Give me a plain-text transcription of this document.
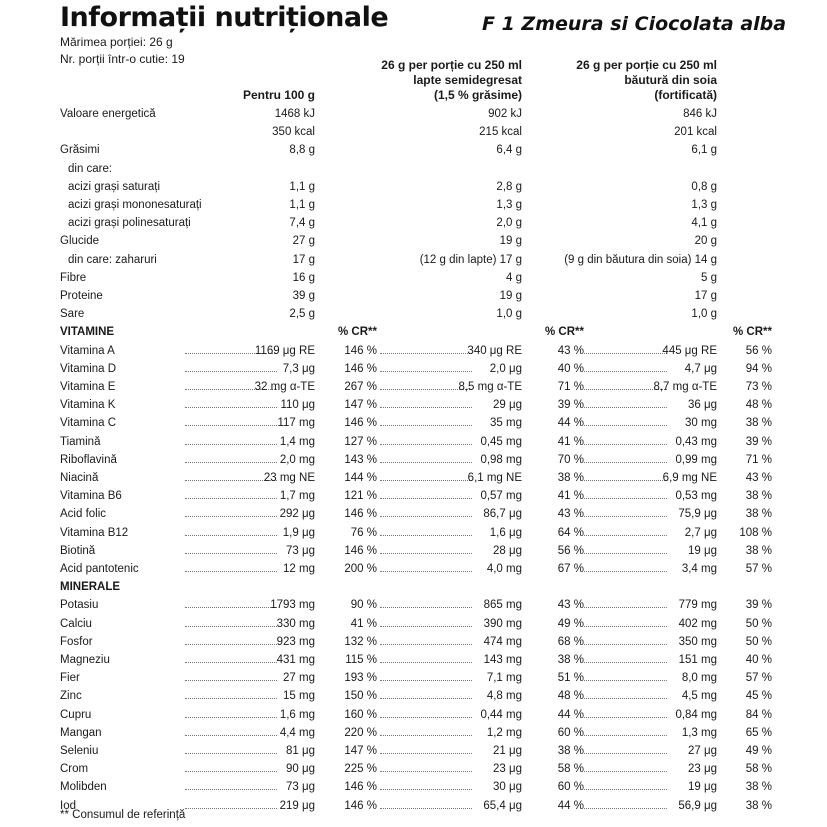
Informații nutriționale	F 1 Zmeura si Ciocolata alba
Mărimea porției: 26 g
Nr. porții într-o cutie: 19
Pentru 100 g
26 g per porție cu 250 ml
lapte semidegresat
(1,5 % grăsime)
26 g per porție cu 250 ml
băutură din soia
(fortificată)
Valoare energetică	1468 kJ	902 kJ	846 kJ
350 kcal	215 kcal	201 kcal
Grăsimi	8,8 g	6,4 g	6,1 g
din care:
acizi grași saturați	1,1 g	2,8 g	0,8 g
acizi grași mononesaturați	1,1 g	1,3 g	1,3 g
acizi grași polinesaturați	7,4 g	2,0 g	4,1 g
Glucide	27 g	19 g	20 g
din care: zaharuri	17 g	(12 g din lapte) 17 g	(9 g din băutura din soia) 14 g
Fibre	16 g	4 g	5 g
Proteine	39 g	19 g	17 g
Sare	2,5 g	1,0 g	1,0 g
VITAMINE	% CR**	% CR**	% CR**
Vitamina A	1169 μg RE	146 %	340 μg RE	43 %	445 μg RE	56 %
Vitamina D	7,3 μg	146 %	2,0 μg	40 %	4,7 μg	94 %
Vitamina E	32 mg α-TE	267 %	8,5 mg α-TE	71 %	8,7 mg α-TE	73 %
Vitamina K	110 μg	147 %	29 μg	39 %	36 μg	48 %
Vitamina C	117 mg	146 %	35 mg	44 %	30 mg	38 %
Tiamină	1,4 mg	127 %	0,45 mg	41 %	0,43 mg	39 %
Riboflavină	2,0 mg	143 %	0,98 mg	70 %	0,99 mg	71 %
Niacină	23 mg NE	144 %	6,1 mg NE	38 %	6,9 mg NE	43 %
Vitamina B6	1,7 mg	121 %	0,57 mg	41 %	0,53 mg	38 %
Acid folic	292 μg	146 %	86,7 μg	43 %	75,9 μg	38 %
Vitamina B12	1,9 μg	76 %	1,6 μg	64 %	2,7 μg 108 %
Biotină	73 μg	146 %	28 μg	56 %	19 μg	38 %
Acid pantotenic	12 mg	200 %	4,0 mg	67 %	3,4 mg	57 %
MINERALE
Potasiu	1793 mg	90 %	865 mg	43 %	779 mg	39 %
Calciu	330 mg	41 %	390 mg	49 %	402 mg	50 %
Fosfor	923 mg	132 %	474 mg	68 %	350 mg	50 %
Magneziu	431 mg	115 %	143 mg	38 %	151 mg	40 %
Fier	27 mg	193 %	7,1 mg	51 %	8,0 mg	57 %
Zinc	15 mg	150 %	4,8 mg	48 %	4,5 mg	45 %
Cupru	1,6 mg	160 %	0,44 mg	44 %	0,84 mg	84 %
Mangan	4,4 mg	220 %	1,2 mg	60 %	1,3 mg	65 %
Seleniu	81 μg	147 %	21 μg	38 %	27 μg	49 %
Crom	90 μg	225 %	23 μg	58 %	23 μg	58 %
Molibden	73 μg	146 %	30 μg	60 %	19 μg	38 %
Iod	219 μg	146 %	65,4 μg	44 %	56,9 μg	38 %
** Consumul de referință
